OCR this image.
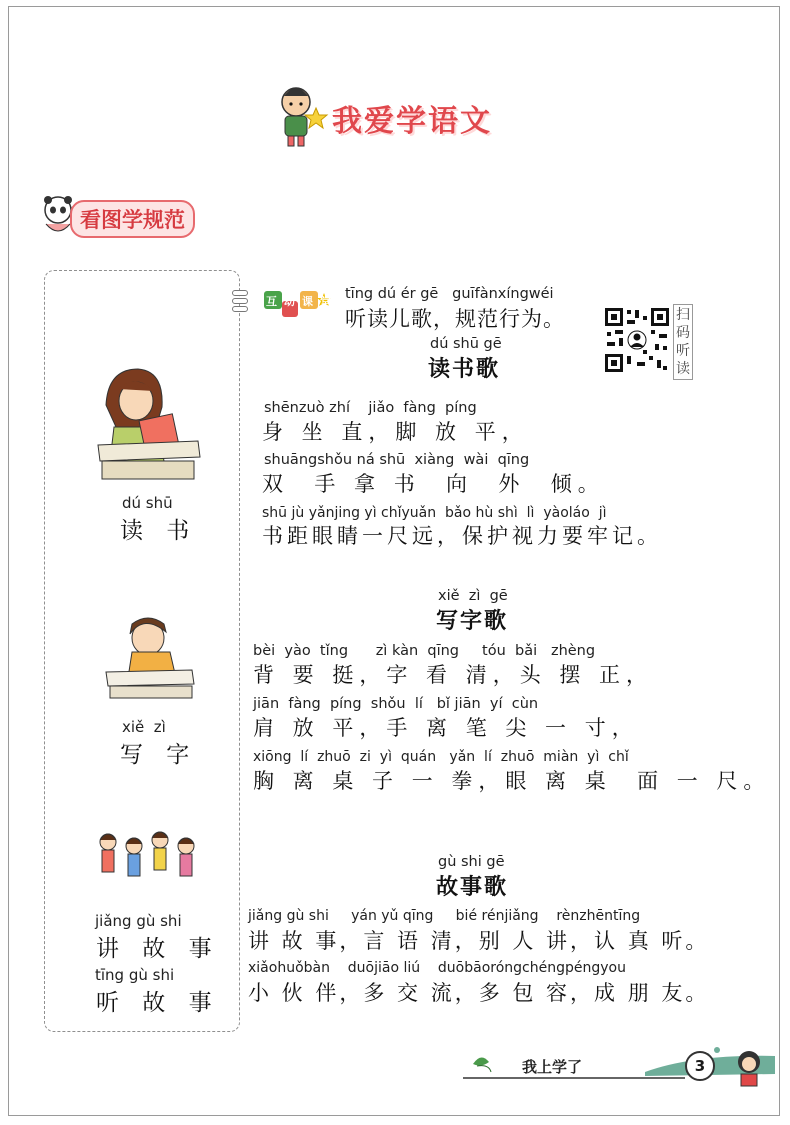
我爱学语文
看图学规范
dú shū
读 书
xiě  zì
写 字
jiǎng gù shi
讲 故 事
tīng gù shi
听 故 事
互动课堂 tīng dú ér gē   guīfànxíngwéi
听读儿歌，规范行为。	扫码听读
dú shū gē
读书歌
shēnzuò zhí    jiǎo  fàng  píng
身 坐 直，脚 放 平，
shuāngshǒu ná shū  xiàng  wài  qīng
双  手 拿 书  向  外  倾。
shū jù yǎnjing yì chǐyuǎn  bǎo hù shì  lì  yàoláo  jì
书距眼睛一尺远，保护视力要牢记。
xiě  zì  gē
写字歌
bèi  yào  tǐng      zì kàn  qīng     tóu  bǎi   zhèng
背 要 挺，字 看 清，头 摆 正，
jiān  fàng  píng  shǒu  lí   bǐ jiān  yí  cùn
肩 放 平，手 离 笔 尖 一 寸，
xiōng  lí  zhuō  zi  yì  quán   yǎn  lí  zhuō  miàn  yì  chǐ
胸 离 桌 子 一 拳，眼 离 桌  面 一 尺。
gù shi gē
故事歌
jiǎng gù shi     yán yǔ qīng     bié rénjiǎng    rènzhēntīng
讲 故 事，言 语 清，别 人 讲，认 真 听。
xiǎohuǒbàn    duōjiāo liú    duōbāoróngchéngpéngyou
小 伙 伴，多 交 流，多 包 容，成 朋 友。
我上学了	3
